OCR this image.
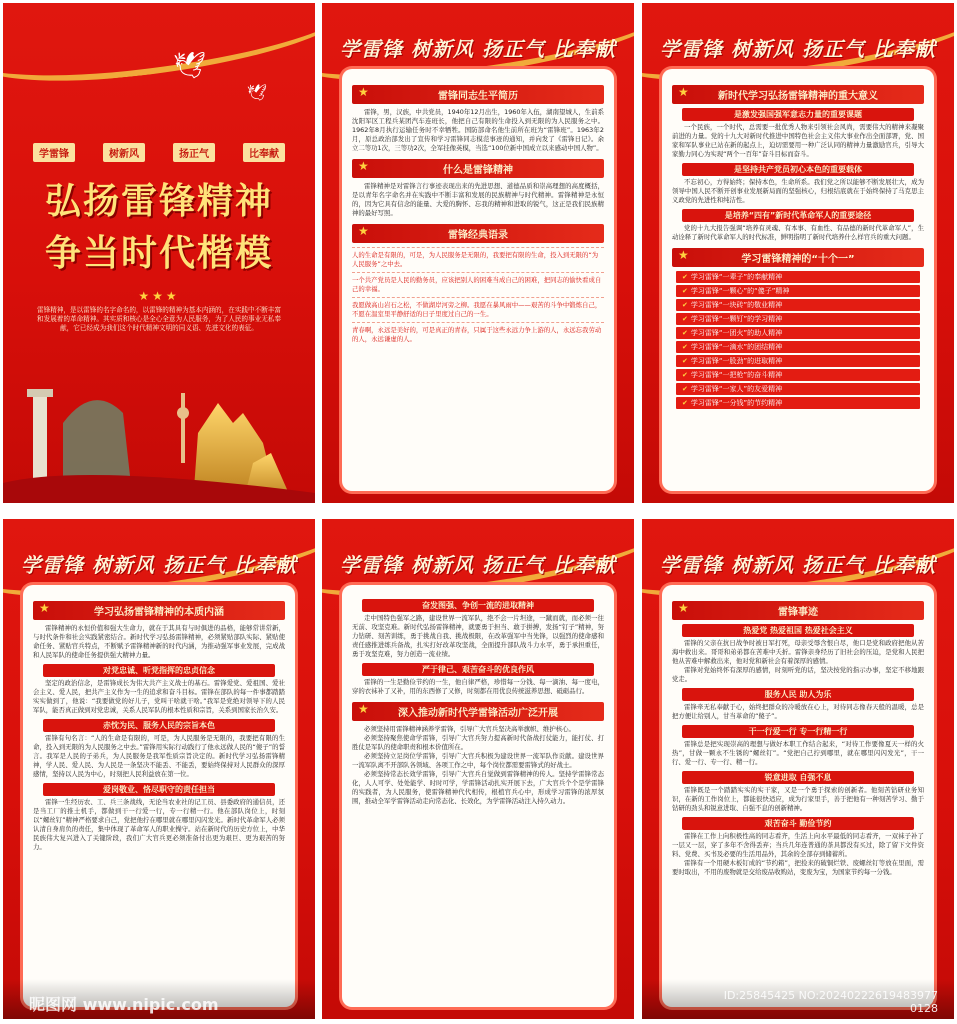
🕊
🕊
学雷锋	树新风	扬正气	比奉献
弘扬雷锋精神
争当时代楷模
★★★
雷锋精神，是以雷锋的名字命名的，以雷锋的精神为基本内涵的，在实践中不断丰富和发展着的革命精神。其实质和核心是全心全意为人民服务，为了人民的事业无私奉献，它已经成为我们这个时代精神文明的同义语、先进文化的表征。
学雷锋 树新风 扬正气 比奉献
★	雷锋同志生平简历

雷锋，男，汉族，中共党员，1940年12月出生，1960年入伍，湖南望城人，生前系沈阳军区工程兵某团汽车连班长，他把自己有限的生命投入到无限的为人民服务之中。1962年8月执行运输任务时不幸牺牲。国防部命名他生前所在班为“雷锋班”。1963年2月，原总政治部发出了宣传和学习雷锋同志模范事迹的通知，并向发了《雷锋日记》。余立二等功1次，三等功2次，全军挂像英模，当选“100位新中国成立以来感动中国人物”。

★	什么是雷锋精神

雷锋精神是对雷锋言行事迹表现出来的先进思想、道德品质和崇高理想的高度概括，是以青年名字命名并在实践中不断丰富和发展的民族精神与时代精神。雷锋精神是永恒的，因为它具有信念的能量、大爱的胸怀、忘我的精神和进取的锐气，这正是我们民族精神的最好写照。

★	雷锋经典语录

人的生命是有限的，可是，为人民服务是无限的，我要把有限的生命，投入到无限的“为人民服务”之中去。

一个共产党员是人民的勤务员，应该把别人的困难当成自己的困难，把同志的愉快看成自己的幸福。

我愿做高山岩石之松，不做湖岸河旁之柳。我愿在暴风雨中——艰苦的斗争中锻炼自己，不愿在温室里平静舒适的日子里度过自己的一生。

青春啊，永远是美好的，可是真正的青春，只属于这些永远力争上游的人，永远忘我劳动的人，永远谦虚的人。

学雷锋 树新风 扬正气 比奉献
★	新时代学习弘扬雷锋精神的重大意义
是激发强国强军意志力量的重要课题

一个民族，一个时代，总需要一批优秀人物来引领社会风尚，需要伟大的精神来凝聚前进的力量。党的十九大对新时代推进中国特色社会主义伟大事业作出全面部署，党、国家和军队事业已站在新的起点上，迫切需要用一种广泛认同的精神力量激励官兵，引导大家勤力同心为实现“两个一百年”奋斗目标而奋斗。

是坚持共产党员初心本色的重要载体

不忘初心，方得始终；保持本色，生命所系。我们党之所以能够不断发展壮大，成为领导中国人民不断开创事业发展新局面的坚强核心，归根结底就在于始终保持了马克思主义政党的先进性和纯洁性。

是培养“四有”新时代革命军人的重要途径

党的十九大报告强调“培养有灵魂、有本事、有血性、有品德的新时代革命军人”，生动诠释了新时代革命军人的时代标准，鲜明指明了新时代培养什么样官兵的重大问题。

★	学习雷锋精神的“十个一”
✔ 学习雷锋“一辈子”的奉献精神
✔ 学习雷锋“一颗心”的“傻子”精神
✔ 学习雷锋“一块砖”的敬业精神
✔ 学习雷锋“一颗钉”的学习精神
✔ 学习雷锋“一团火”的助人精神
✔ 学习雷锋“一滴水”的团结精神
✔ 学习雷锋“一股劲”的进取精神
✔ 学习雷锋“一把枪”的奋斗精神
✔ 学习雷锋“一家人”的友爱精神
✔ 学习雷锋“一分钱”的节约精神
学雷锋 树新风 扬正气 比奉献
★	学习弘扬雷锋精神的本质内涵

雷锋精神的永恒价值和强大生命力，就在于其具有与时俱进的品格，能够常讲常新，与时代条件和社会实践紧密结合。新时代学习弘扬雷锋精神，必须紧贴部队实际、紧贴使命任务、紧贴官兵特点，不断赋予雷锋精神新的时代内涵，为推动强军事业发展，完成战和人民军队的使命任务提供强大精神力量。

对党忠诚、听党指挥的忠贞信念

坚定的政治信念，是雷锋成长为伟大共产主义战士的基石。雷锋爱党、爱祖国、爱社会主义、爱人民，把共产主义作为一生的追求和奋斗目标。雷锋在部队的每一件事都踏踏实实做到了，他说：“我要做党的好儿子，党叫干啥就干啥。”我军是党绝对领导下的人民军队，能否真正做到对党忠诚，关系人民军队的根本性质和宗旨，关系到国家长治久安。

赤忱为民、服务人民的宗旨本色

雷锋有句名言：“人的生命是有限的，可是，为人民服务是无限的，我要把有限的生命，投入到无限的为人民服务之中去。”雷锋用实际行动践行了他永远做人民的“傻子”的誓言。我军是人民的子弟兵，为人民服务是我军性质宗旨决定的。新时代学习弘扬雷锋精神，学人民、爱人民、为人民是一条坚决不能丢、不能丢，要始终保持对人民群众的深厚感情，坚持以人民为中心，时刻把人民利益放在第一位。

爱岗敬业、恪尽职守的责任担当

雷锋一生经历农、工、兵三条战线，无论当农业社的记工员、县委政府的通信员，还是当工厂的推土机手，都做到干一行爱一行，专一行精一行。他在部队岗位上，时刻以“螺丝钉”精神严格要求自己，党把他拧在哪里就在哪里闪闪发光。新时代革命军人必须认清自身肩负的责任，集中体现了革命军人的职业操守。站在新时代的历史方位上，中华民族伟大复兴进入了关键阶段，我们广大官兵更必须准备付出更为艰巨、更为艰苦的努力。

昵图网 www.nipic.com
学雷锋 树新风 扬正气 比奉献
奋发图强、争创一流的进取精神

走中国特色强军之路，建设世界一流军队，绝不会一片坦途，一蹴而就，而必须一往无前、攻坚克难。新时代弘扬雷锋精神，就要勇于担当、敢于拼搏，发扬“钉子”精神，努力钻研、刻苦训练，勇于挑战自我、挑战极限，在改革强军中当先锋，以强烈的使命感和责任感推进练兵备战，扎实打好改革攻坚战，全面提升部队战斗力水平，勇于承担重任，勇于攻坚克难，努力创造一流业绩。

严于律己、艰苦奋斗的优良作风

雷锋的一生是勤俭节约的一生，他自律严格，珍惜每一分钱、每一滴油、每一度电，穿的衣袜补了又补，用的东西修了又修，时刻都在用优良传统滋养思想、砥砺品行。

★	深入推动新时代学雷锋活动广泛开展

必须坚持用雷锋精神涵养学雷锋，引导广大官兵坚决高举旗帜、维护核心。

必须坚持聚焦使命学雷锋，引导广大官兵努力提高新时代备战打仗能力，能打仗、打胜仗是军队的使命职责和根本价值所在。

必须坚持立足岗位学雷锋，引导广大官兵积极为建设世界一流军队作贡献。建设世界一流军队离不开部队各领域、各项工作之中，每个岗位都需要雷锋式的好战士。

必须坚持常态长效学雷锋，引导广大官兵自觉做到雷锋精神的传人。坚持学雷锋常态化，人人可学、处处能学、时时可学，学雷锋活动扎实开展下去，广大官兵个个是学雷锋的实践者，为人民服务，使雷锋精神代代相传，根植官兵心中，形成学习雷锋的浓厚氛围，推动全军学雷锋活动走向常态化、长效化，为学雷锋活动注入持久动力。

学雷锋 树新风 扬正气 比奉献
★	雷锋事迹
热爱党 热爱祖国 热爱社会主义

雷锋的父亲在抗日战争时被日军打死，母亲受辱含恨自尽，他口是党和政府把他从苦海中救出来。哥哥和弟弟都在苦难中夭折。雷锋亲身经历了旧社会的压迫，是党和人民把他从苦难中解救出来，他对党和新社会有着深厚的感情。

雷锋对党始终怀有深厚的感情，时刻听党的话，坚决按党的指示办事，坚定不移地跟党走。

服务人民 助人为乐

雷锋牵无私奉献于心，始终把群众的冷暖放在心上，对待同志像春天般的温暖，总是把方便让给别人，甘当革命的“傻子”。

干一行爱一行 专一行精一行

雷锋总是把实现崇高的理想与做好本职工作结合起来，“对待工作要像夏天一样的火热”，甘做一颗永不生锈的“螺丝钉”。“党把自己拧到哪里，就在哪里闪闪发光”，干一行、爱一行、专一行、精一行。

锐意进取 自强不息

雷锋既是一个踏踏实实的实干家，又是一个勇于探索的创新者。他刻苦钻研业务知识，在新的工作岗位上，都能很快适应，成为行家里手，善于把他有一种刻苦学习、勤于钻研的劲头和锐意进取、自强不息的创新精神。

艰苦奋斗 勤俭节约

雷锋在工作上向积极性高的同志看齐，生活上向水平最低的同志看齐，一双袜子补了一层又一层，穿了多年不舍得丢弃；当兵几年连普通的茶具都没有买过，除了留下文件资料、党费、买书及必要的生活用品外，其余的全部存到储蓄所。

雷锋有一个用硬木板钉成的“节约箱”，把捡来的破铜烂铁、废螺丝钉等放在里面，需要时取出，不用的废物就是交给废品收购站，变废为宝，为国家节约每一分钱。

ID:25845425 NO:20240222619483977
0128
